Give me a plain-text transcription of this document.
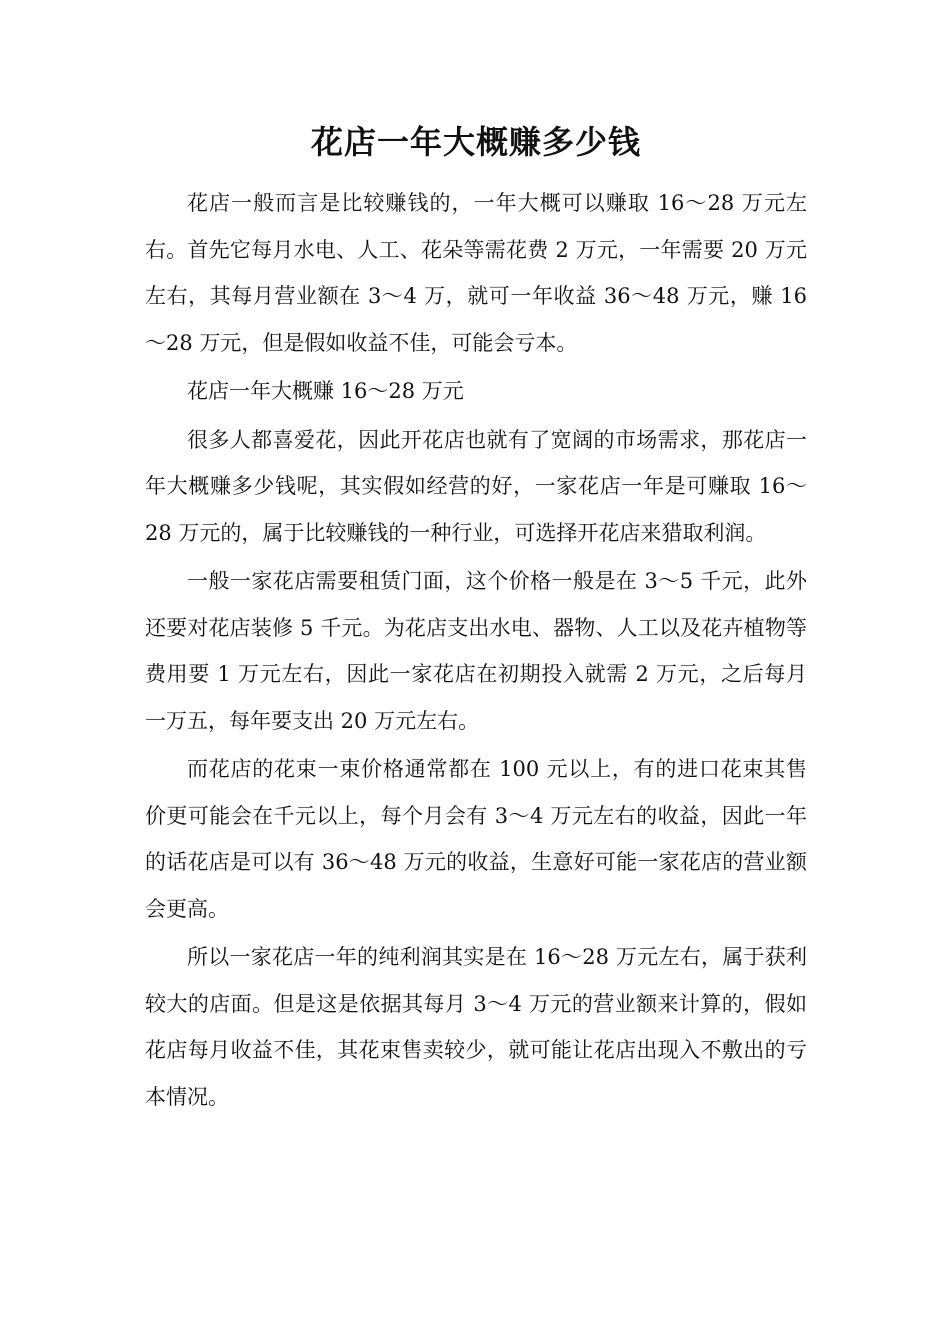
花店一年大概赚多少钱

花店一般而言是比较赚钱的，一年大概可以赚取 16～28 万元左右。首先它每月水电、人工、花朵等需花费 2 万元，一年需要 20 万元左右，其每月营业额在 3～4 万，就可一年收益 36～48 万元，赚 16～28 万元，但是假如收益不佳，可能会亏本。

花店一年大概赚 16～28 万元

很多人都喜爱花，因此开花店也就有了宽阔的市场需求，那花店一年大概赚多少钱呢，其实假如经营的好，一家花店一年是可赚取 16～28 万元的，属于比较赚钱的一种行业，可选择开花店来猎取利润。

一般一家花店需要租赁门面，这个价格一般是在 3～5 千元，此外还要对花店装修 5 千元。为花店支出水电、器物、人工以及花卉植物等费用要 1 万元左右，因此一家花店在初期投入就需 2 万元，之后每月一万五，每年要支出 20 万元左右。

而花店的花束一束价格通常都在 100 元以上，有的进口花束其售价更可能会在千元以上，每个月会有 3～4 万元左右的收益，因此一年的话花店是可以有 36～48 万元的收益，生意好可能一家花店的营业额会更高。

所以一家花店一年的纯利润其实是在 16～28 万元左右，属于获利较大的店面。但是这是依据其每月 3～4 万元的营业额来计算的，假如花店每月收益不佳，其花束售卖较少，就可能让花店出现入不敷出的亏本情况。
